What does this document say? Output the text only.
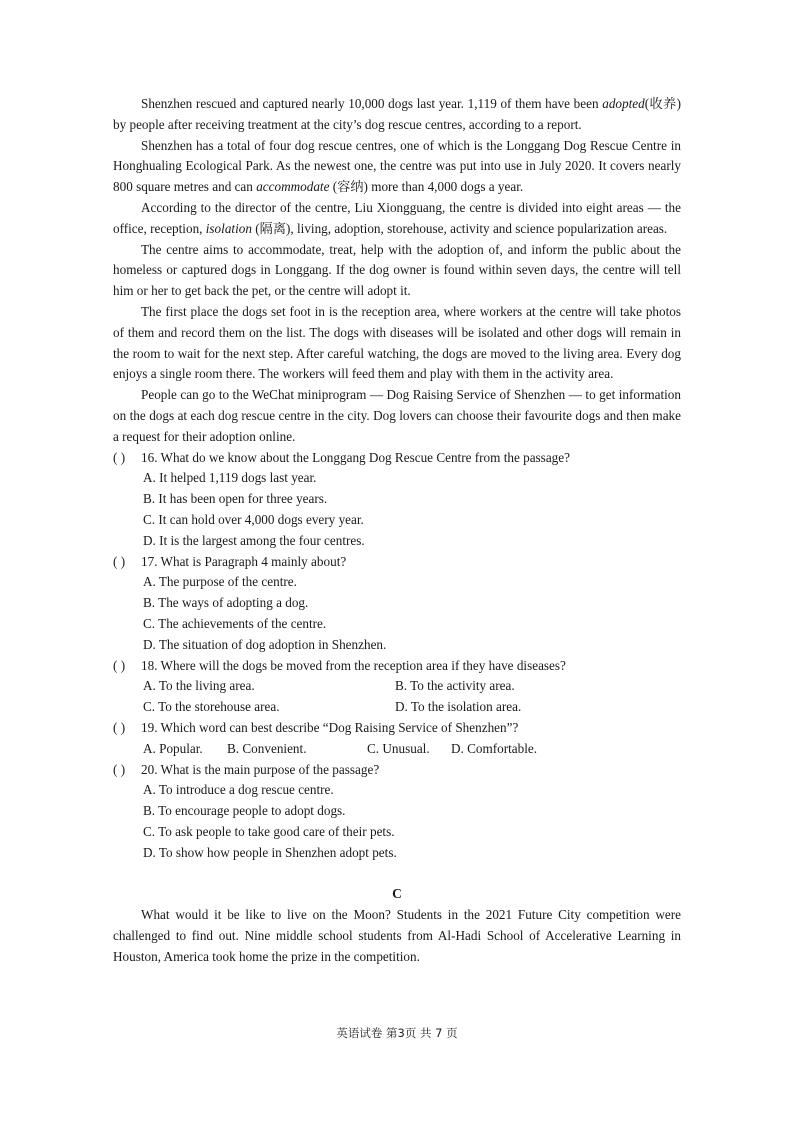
Shenzhen rescued and captured nearly 10,000 dogs last year. 1,119 of them have been adopted(收养) by people after receiving treatment at the city’s dog rescue centres, according to a report.

Shenzhen has a total of four dog rescue centres, one of which is the Longgang Dog Rescue Centre in Honghualing Ecological Park. As the newest one, the centre was put into use in July 2020. It covers nearly 800 square metres and can accommodate (容纳) more than 4,000 dogs a year.

According to the director of the centre, Liu Xiongguang, the centre is divided into eight areas — the office, reception, isolation (隔离), living, adoption, storehouse, activity and science popularization areas.

The centre aims to accommodate, treat, help with the adoption of, and inform the public about the homeless or captured dogs in Longgang. If the dog owner is found within seven days, the centre will tell him or her to get back the pet, or the centre will adopt it.

The first place the dogs set foot in is the reception area, where workers at the centre will take photos of them and record them on the list. The dogs with diseases will be isolated and other dogs will remain in the room to wait for the next step. After careful watching, the dogs are moved to the living area. Every dog enjoys a single room there. The workers will feed them and play with them in the activity area.

People can go to the WeChat miniprogram — Dog Raising Service of Shenzhen — to get information on the dogs at each dog rescue centre in the city. Dog lovers can choose their favourite dogs and then make a request for their adoption online.

( ) 16. What do we know about the Longgang Dog Rescue Centre from the passage?

A. It helped 1,119 dogs last year.

B. It has been open for three years.

C. It can hold over 4,000 dogs every year.

D. It is the largest among the four centres.

( ) 17. What is Paragraph 4 mainly about?

A. The purpose of the centre.

B. The ways of adopting a dog.

C. The achievements of the centre.

D. The situation of dog adoption in Shenzhen.

( ) 18. Where will the dogs be moved from the reception area if they have diseases?

A. To the living area.	B. To the activity area.
C. To the storehouse area.	D. To the isolation area.

( ) 19. Which word can best describe “Dog Raising Service of Shenzhen”?

A. Popular.	B. Convenient.	C. Unusual.	D. Comfortable.

( ) 20. What is the main purpose of the passage?

A. To introduce a dog rescue centre.

B. To encourage people to adopt dogs.

C. To ask people to take good care of their pets.

D. To show how people in Shenzhen adopt pets.

C

What would it be like to live on the Moon? Students in the 2021 Future City competition were challenged to find out. Nine middle school students from Al-Hadi School of Accelerative Learning in Houston, America took home the prize in the competition.

英语试卷 第3页 共 7 页
